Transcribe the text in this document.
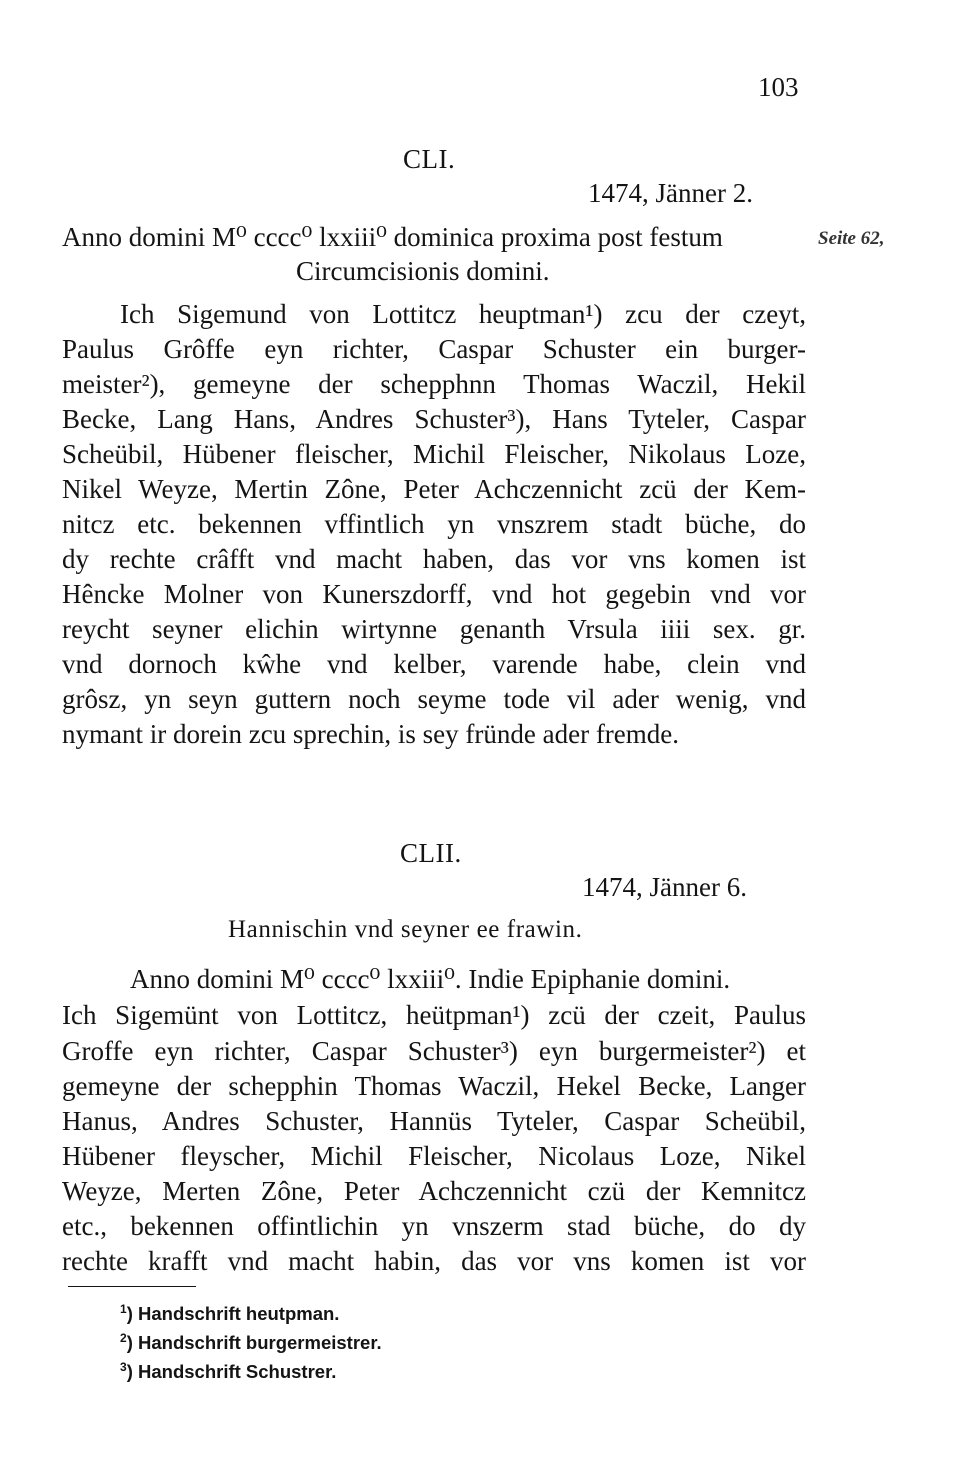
103
CLI.
1474, Jänner 2.
Seite 62,
Anno domini M⁰ cccc⁰ lxxiii⁰ dominica proxima post festum
Circumcisionis domini.
Ich Sigemund von Lottitcz heuptman¹) zcu der czeyt,
Paulus Grôffe eyn richter, Caspar Schuster ein burger-
meister²), gemeyne der schepphnn Thomas Waczil, Hekil
Becke, Lang Hans, Andres Schuster³), Hans Tyteler, Caspar
Scheübil, Hübener fleischer, Michil Fleischer, Nikolaus Loze,
Nikel Weyze, Mertin Zône, Peter Achczennicht zcü der Kem-
nitcz etc. bekennen vffintlich yn vnszrem stadt büche, do
dy rechte crâfft vnd macht haben, das vor vns komen ist
Hêncke Molner von Kunerszdorff, vnd hot gegebin vnd vor
reycht seyner elichin wirtynne genanth Vrsula iiii sex. gr.
vnd dornoch kŵhe vnd kelber, varende habe, clein vnd
grôsz, yn seyn guttern noch seyme tode vil ader wenig, vnd
nymant ir dorein zcu sprechin, is sey fründe ader fremde.
CLII.
1474, Jänner 6.
Hannischin vnd seyner ee frawin.
Anno domini M⁰ cccc⁰ lxxiii⁰. Indie Epiphanie domini.
Ich Sigemünt von Lottitcz, heütpman¹) zcü der czeit, Paulus
Groffe eyn richter, Caspar Schuster³) eyn burgermeister²) et
gemeyne der schepphin Thomas Waczil, Hekel Becke, Langer
Hanus, Andres Schuster, Hannüs Tyteler, Caspar Scheübil,
Hübener fleyscher, Michil Fleischer, Nicolaus Loze, Nikel
Weyze, Merten Zône, Peter Achczennicht czü der Kemnitcz
etc., bekennen offintlichin yn vnszerm stad büche, do dy
rechte krafft vnd macht habin, das vor vns komen ist vor
$^1$) Handschrift heutpman.
$^2$) Handschrift burgermeistrer.
$^3$) Handschrift Schustrer.
